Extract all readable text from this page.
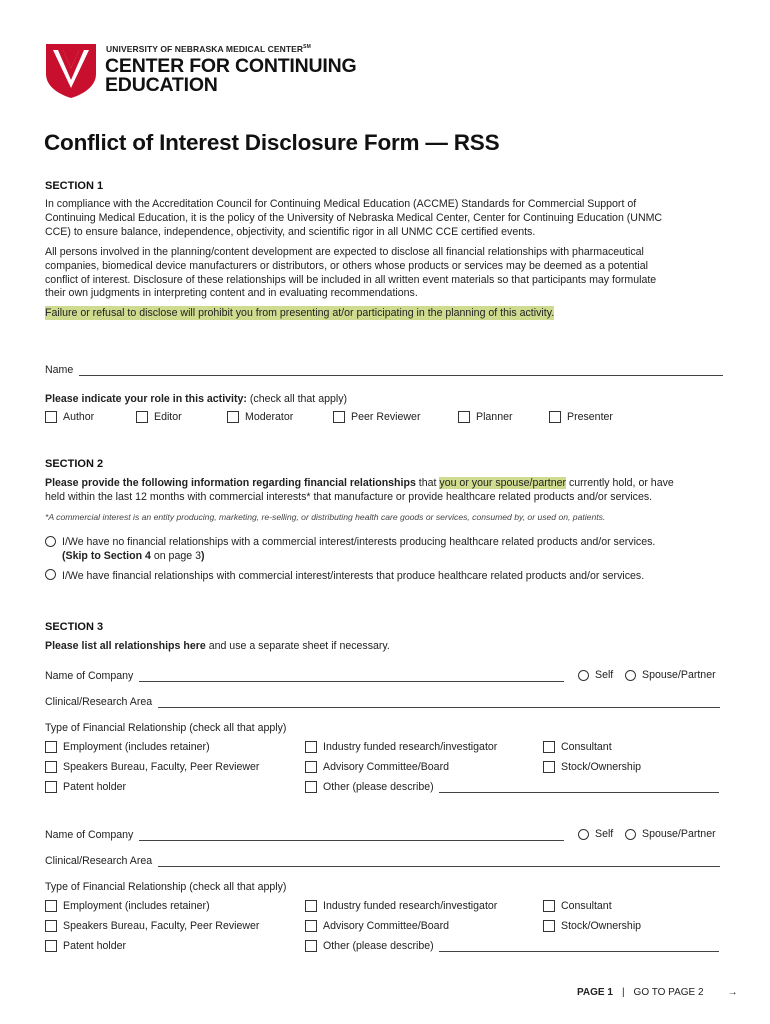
UNIVERSITY OF NEBRASKA MEDICAL CENTER℠
CENTER FOR CONTINUING
EDUCATION
Conflict of Interest Disclosure Form — RSS
SECTION 1
In compliance with the Accreditation Council for Continuing Medical Education (ACCME) Standards for Commercial Support of
Continuing Medical Education, it is the policy of the University of Nebraska Medical Center, Center for Continuing Education (UNMC
CCE) to ensure balance, independence, objectivity, and scientific rigor in all UNMC CCE certified events.
All persons involved in the planning/content development are expected to disclose all financial relationships with pharmaceutical
companies, biomedical device manufacturers or distributors, or others whose products or services may be deemed as a potential
conflict of interest. Disclosure of these relationships will be included in all written event materials so that participants may formulate
their own judgments in interpreting content and in evaluating recommendations.
Failure or refusal to disclose will prohibit you from presenting at/or participating in the planning of this activity.
Name
Please indicate your role in this activity: (check all that apply)
Author	Editor	Moderator	Peer Reviewer	Planner	Presenter
SECTION 2
Please provide the following information regarding financial relationships that you or your spouse/partner currently hold, or have
held within the last 12 months with commercial interests* that manufacture or provide healthcare related products and/or services.
*A commercial interest is an entity producing, marketing, re-selling, or distributing health care goods or services, consumed by, or used on, patients.
I/We have no financial relationships with a commercial interest/interests producing healthcare related products and/or services.
(Skip to Section 4 on page 3)
I/We have financial relationships with commercial interest/interests that produce healthcare related products and/or services.
SECTION 3
Please list all relationships here and use a separate sheet if necessary.
Name of Company	Self	Spouse/Partner
Clinical/Research Area
Type of Financial Relationship (check all that apply)
Employment (includes retainer)	Industry funded research/investigator	Consultant
Speakers Bureau, Faculty, Peer Reviewer	Advisory Committee/Board	Stock/Ownership
Patent holder	Other (please describe)
Name of Company	Self	Spouse/Partner
Clinical/Research Area
Type of Financial Relationship (check all that apply)
Employment (includes retainer)	Industry funded research/investigator	Consultant
Speakers Bureau, Faculty, Peer Reviewer	Advisory Committee/Board	Stock/Ownership
Patent holder	Other (please describe)
PAGE 1 | GO TO PAGE 2 →
